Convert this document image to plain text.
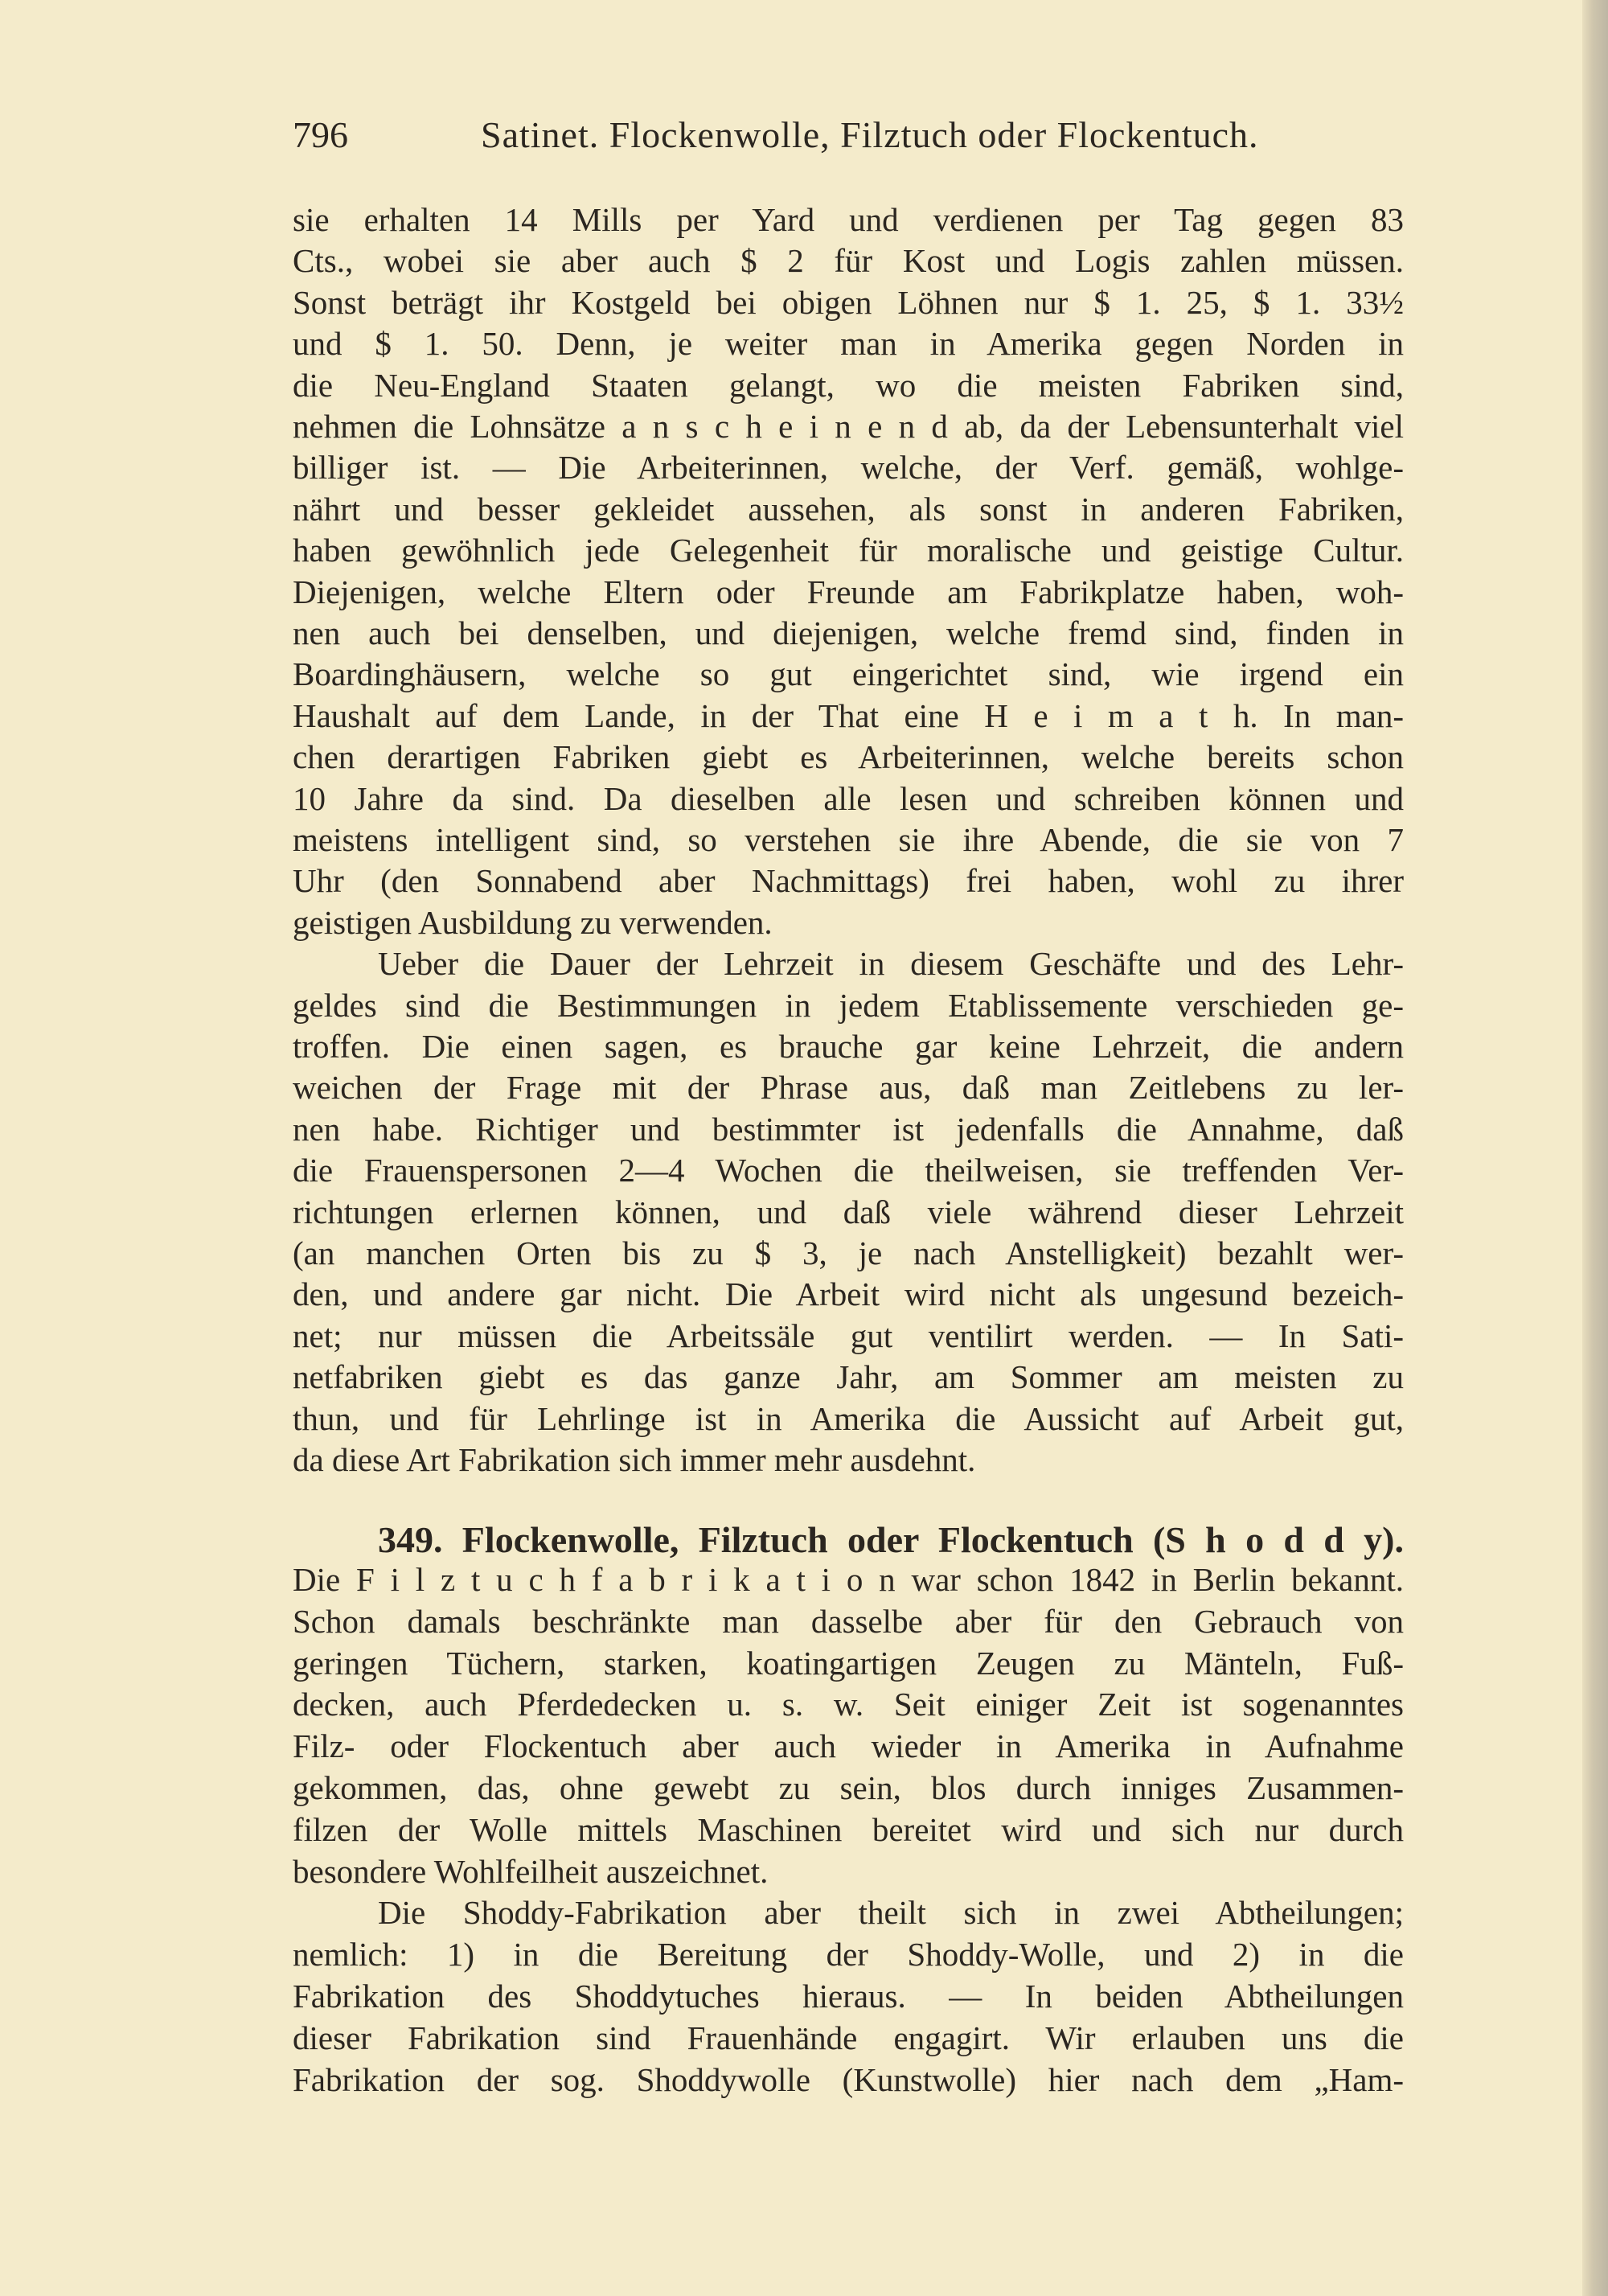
796	Satinet. Flockenwolle, Filztuch oder Flockentuch.
sie erhalten 14 Mills per Yard und verdienen per Tag gegen 83
Cts., wobei sie aber auch $ 2 für Kost und Logis zahlen müssen.
Sonst beträgt ihr Kostgeld bei obigen Löhnen nur $ 1. 25, $ 1. 33½
und $ 1. 50. Denn, je weiter man in Amerika gegen Norden in
die Neu-England Staaten gelangt, wo die meisten Fabriken sind,
nehmen die Lohnsätze a n s c h e i n e n d ab, da der Lebensunterhalt viel
billiger ist. — Die Arbeiterinnen, welche, der Verf. gemäß, wohlge-
nährt und besser gekleidet aussehen, als sonst in anderen Fabriken,
haben gewöhnlich jede Gelegenheit für moralische und geistige Cultur.
Diejenigen, welche Eltern oder Freunde am Fabrikplatze haben, woh-
nen auch bei denselben, und diejenigen, welche fremd sind, finden in
Boardinghäusern, welche so gut eingerichtet sind, wie irgend ein
Haushalt auf dem Lande, in der That eine H e i m a t h. In man-
chen derartigen Fabriken giebt es Arbeiterinnen, welche bereits schon
10 Jahre da sind. Da dieselben alle lesen und schreiben können und
meistens intelligent sind, so verstehen sie ihre Abende, die sie von 7
Uhr (den Sonnabend aber Nachmittags) frei haben, wohl zu ihrer
geistigen Ausbildung zu verwenden.
Ueber die Dauer der Lehrzeit in diesem Geschäfte und des Lehr-
geldes sind die Bestimmungen in jedem Etablissemente verschieden ge-
troffen. Die einen sagen, es brauche gar keine Lehrzeit, die andern
weichen der Frage mit der Phrase aus, daß man Zeitlebens zu ler-
nen habe. Richtiger und bestimmter ist jedenfalls die Annahme, daß
die Frauenspersonen 2—4 Wochen die theilweisen, sie treffenden Ver-
richtungen erlernen können, und daß viele während dieser Lehrzeit
(an manchen Orten bis zu $ 3, je nach Anstelligkeit) bezahlt wer-
den, und andere gar nicht. Die Arbeit wird nicht als ungesund bezeich-
net; nur müssen die Arbeitssäle gut ventilirt werden. — In Sati-
netfabriken giebt es das ganze Jahr, am Sommer am meisten zu
thun, und für Lehrlinge ist in Amerika die Aussicht auf Arbeit gut,
da diese Art Fabrikation sich immer mehr ausdehnt.
349. Flockenwolle, Filztuch oder Flockentuch (S h o d d y).
Die F i l z t u c h f a b r i k a t i o n war schon 1842 in Berlin bekannt.
Schon damals beschränkte man dasselbe aber für den Gebrauch von
geringen Tüchern, starken, koatingartigen Zeugen zu Mänteln, Fuß-
decken, auch Pferdedecken u. s. w. Seit einiger Zeit ist sogenanntes
Filz- oder Flockentuch aber auch wieder in Amerika in Aufnahme
gekommen, das, ohne gewebt zu sein, blos durch inniges Zusammen-
filzen der Wolle mittels Maschinen bereitet wird und sich nur durch
besondere Wohlfeilheit auszeichnet.
Die Shoddy-Fabrikation aber theilt sich in zwei Abtheilungen;
nemlich: 1) in die Bereitung der Shoddy-Wolle, und 2) in die
Fabrikation des Shoddytuches hieraus. — In beiden Abtheilungen
dieser Fabrikation sind Frauenhände engagirt. Wir erlauben uns die
Fabrikation der sog. Shoddywolle (Kunstwolle) hier nach dem „Ham-
